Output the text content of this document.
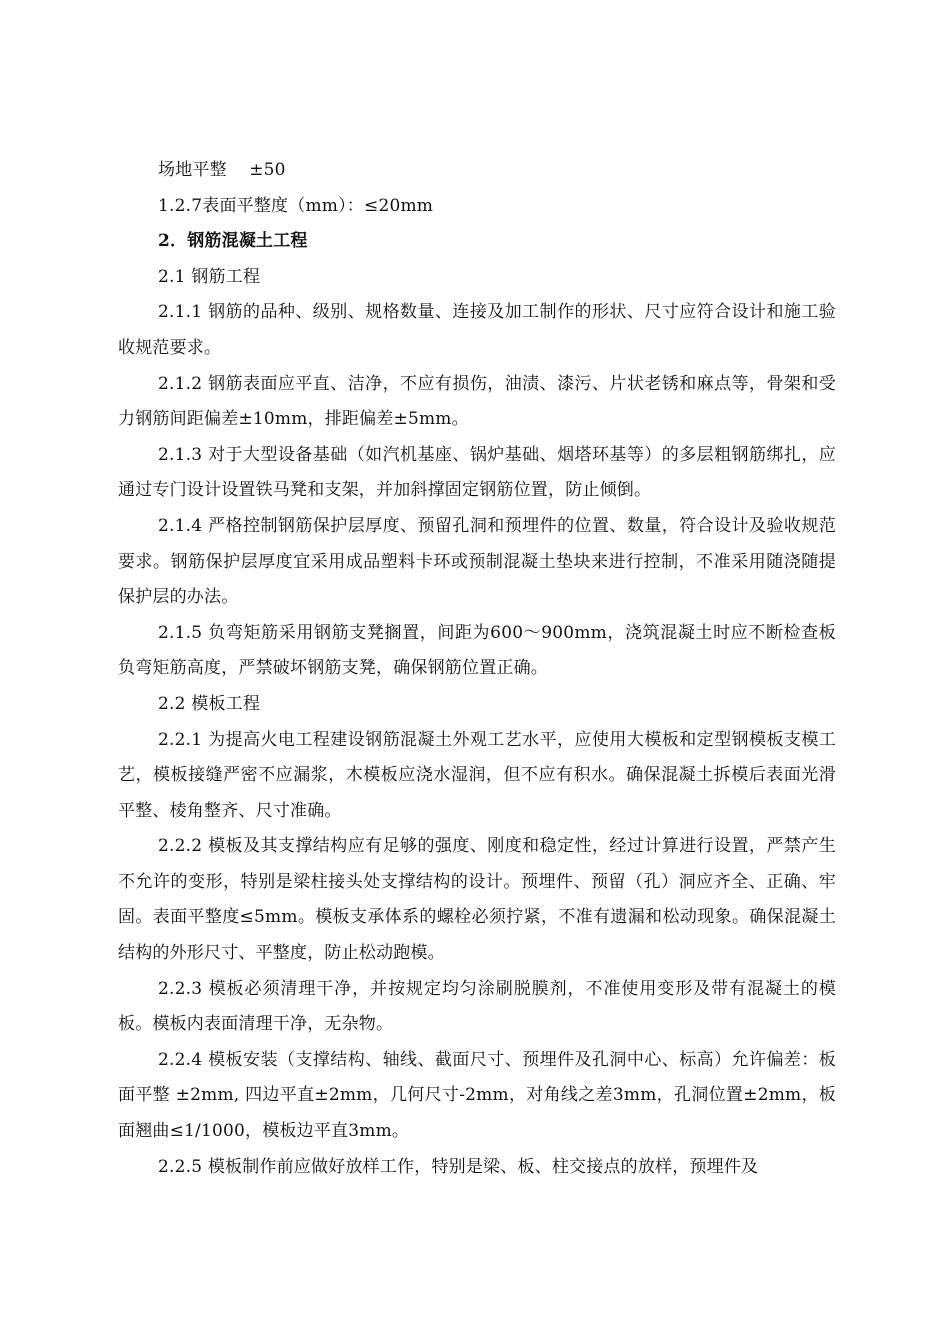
场地平整    ±50

1.2.7表面平整度（mm）：≤20mm

2．钢筋混凝土工程

2.1 钢筋工程

2.1.1 钢筋的品种、级别、规格数量、连接及加工制作的形状、尺寸应符合设计和施工验收规范要求。

2.1.2 钢筋表面应平直、洁净，不应有损伤，油渍、漆污、片状老锈和麻点等，骨架和受力钢筋间距偏差±10mm，排距偏差±5mm。

2.1.3 对于大型设备基础（如汽机基座、锅炉基础、烟塔环基等）的多层粗钢筋绑扎，应通过专门设计设置铁马凳和支架，并加斜撑固定钢筋位置，防止倾倒。

2.1.4 严格控制钢筋保护层厚度、预留孔洞和预埋件的位置、数量，符合设计及验收规范要求。钢筋保护层厚度宜采用成品塑料卡环或预制混凝土垫块来进行控制，不准采用随浇随提保护层的办法。

2.1.5 负弯矩筋采用钢筋支凳搁置，间距为600～900mm，浇筑混凝土时应不断检查板负弯矩筋高度，严禁破坏钢筋支凳，确保钢筋位置正确。

2.2 模板工程

2.2.1 为提高火电工程建设钢筋混凝土外观工艺水平，应使用大模板和定型钢模板支模工艺，模板接缝严密不应漏浆，木模板应浇水湿润，但不应有积水。确保混凝土拆模后表面光滑平整、棱角整齐、尺寸准确。

2.2.2 模板及其支撑结构应有足够的强度、刚度和稳定性，经过计算进行设置，严禁产生不允许的变形，特别是梁柱接头处支撑结构的设计。预埋件、预留（孔）洞应齐全、正确、牢固。表面平整度≤5mm。模板支承体系的螺栓必须拧紧，不准有遗漏和松动现象。确保混凝土结构的外形尺寸、平整度，防止松动跑模。

2.2.3 模板必须清理干净，并按规定均匀涂刷脱膜剂，不准使用变形及带有混凝土的模板。模板内表面清理干净，无杂物。

2.2.4 模板安装（支撑结构、轴线、截面尺寸、预埋件及孔洞中心、标高）允许偏差：板面平整 ±2mm, 四边平直±2mm，几何尺寸-2mm，对角线之差3mm，孔洞位置±2mm，板面翘曲≤1/1000，模板边平直3mm。

2.2.5 模板制作前应做好放样工作，特别是梁、板、柱交接点的放样，预埋件及
